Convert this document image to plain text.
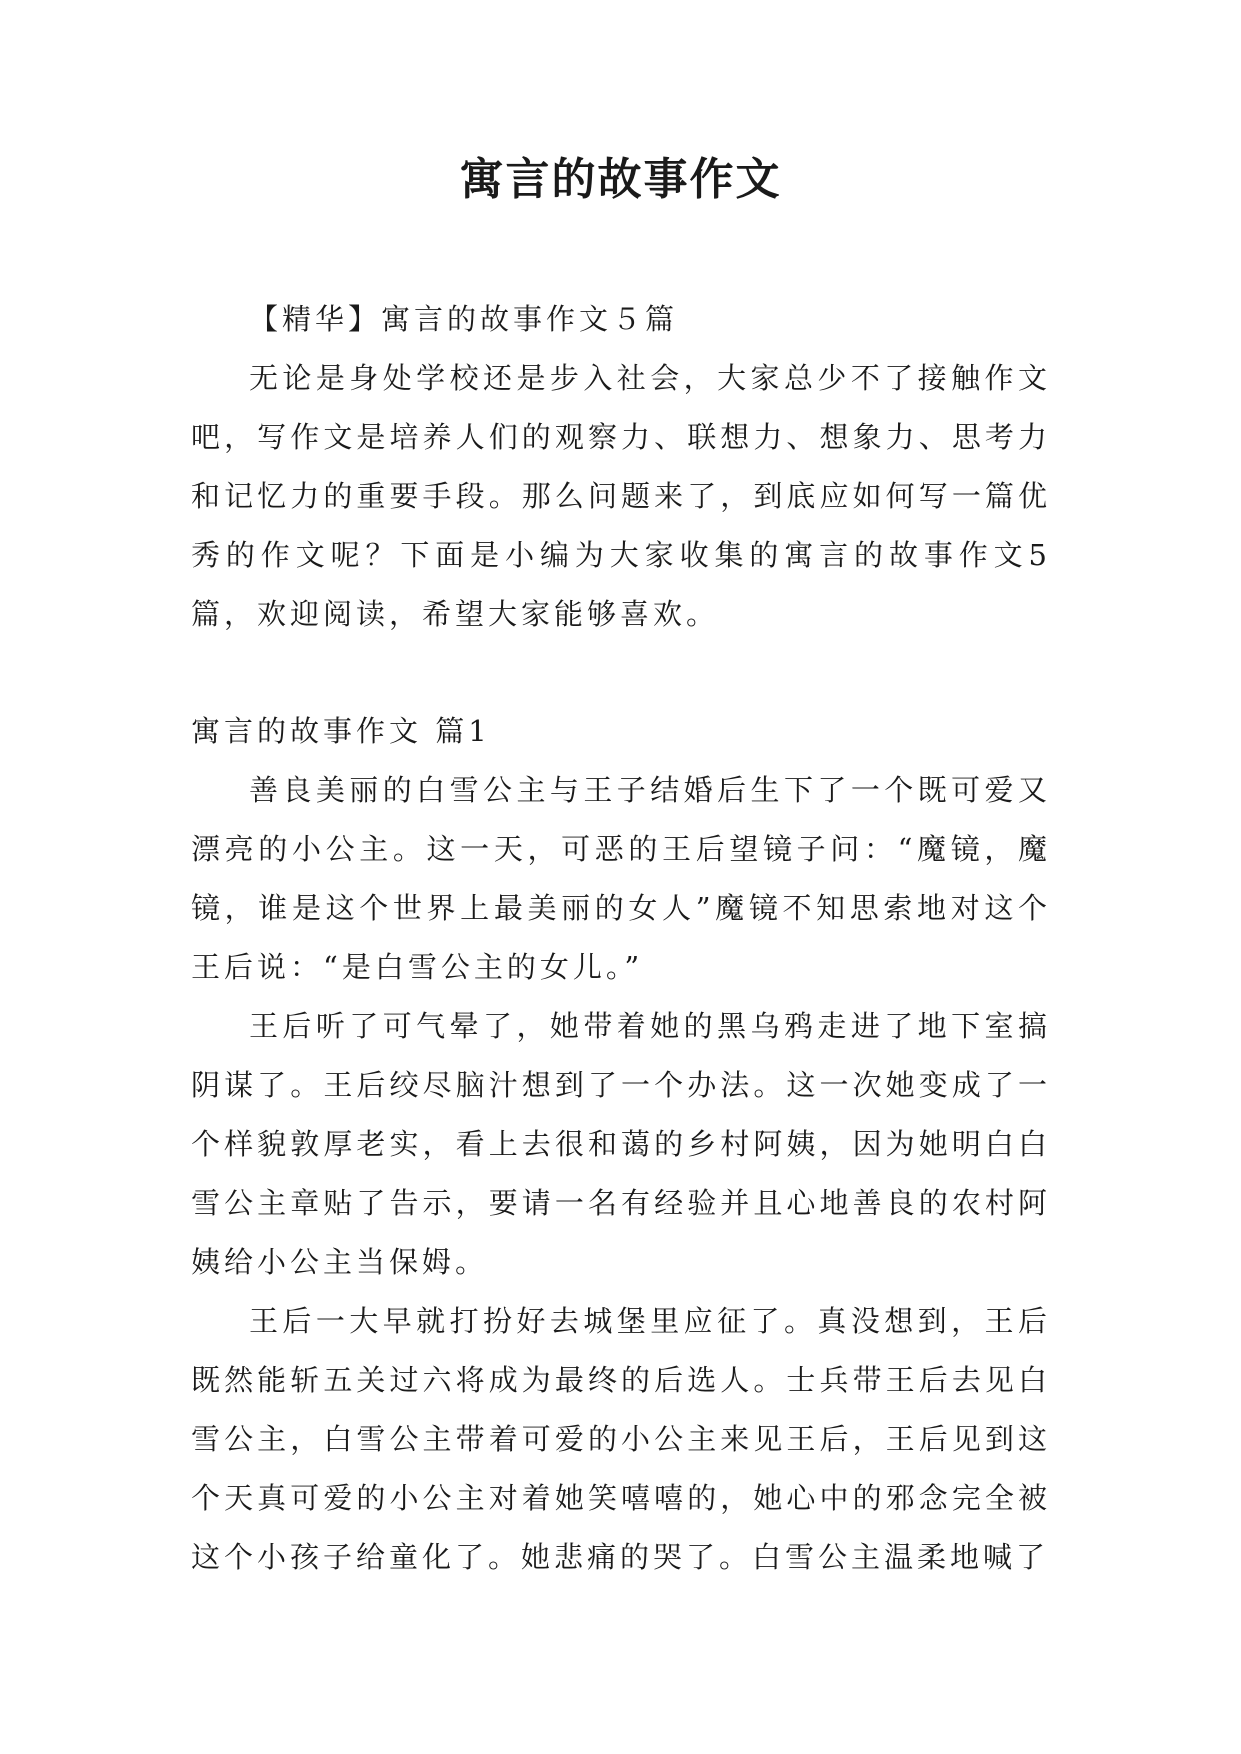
寓言的故事作文

【精华】寓言的故事作文５篇

无论是身处学校还是步入社会，大家总少不了接触作文吧，写作文是培养人们的观察力、联想力、想象力、思考力和记忆力的重要手段。那么问题来了，到底应如何写一篇优秀的作文呢？下面是小编为大家收集的寓言的故事作文5篇，欢迎阅读，希望大家能够喜欢。

寓言的故事作文 篇1

善良美丽的白雪公主与王子结婚后生下了一个既可爱又漂亮的小公主。这一天，可恶的王后望镜子问：“魔镜，魔镜，谁是这个世界上最美丽的女人”魔镜不知思索地对这个王后说：“是白雪公主的女儿。”

王后听了可气晕了，她带着她的黑乌鸦走进了地下室搞阴谋了。王后绞尽脑汁想到了一个办法。这一次她变成了一个样貌敦厚老实，看上去很和蔼的乡村阿姨，因为她明白白雪公主章贴了告示，要请一名有经验并且心地善良的农村阿姨给小公主当保姆。

王后一大早就打扮好去城堡里应征了。真没想到，王后既然能斩五关过六将成为最终的后选人。士兵带王后去见白雪公主，白雪公主带着可爱的小公主来见王后，王后见到这个天真可爱的小公主对着她笑嘻嘻的，她心中的邪念完全被这个小孩子给童化了。她悲痛的哭了。白雪公主温柔地喊了
